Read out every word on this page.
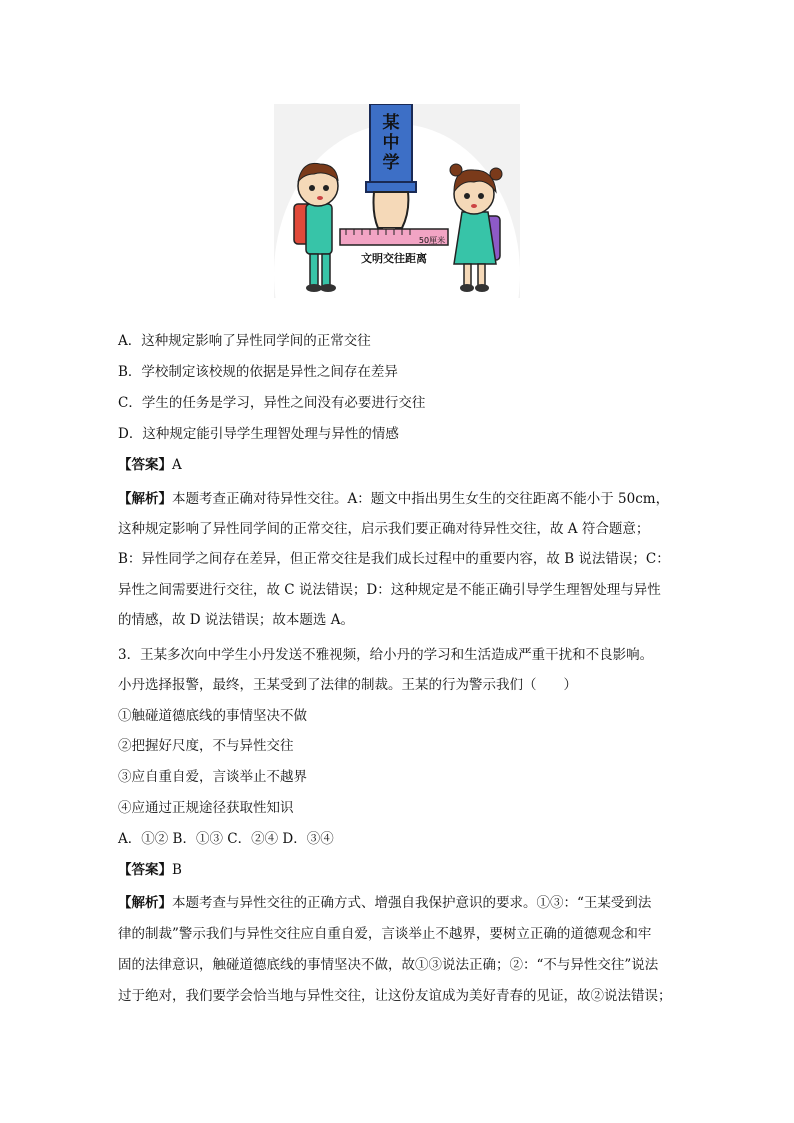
某
中
学
50厘米
文明交往距离
A．这种规定影响了异性同学间的正常交往
B．学校制定该校规的依据是异性之间存在差异
C．学生的任务是学习，异性之间没有必要进行交往
D．这种规定能引导学生理智处理与异性的情感
【答案】A
【解析】本题考查正确对待异性交往。A：题文中指出男生女生的交往距离不能小于 50cm，
这种规定影响了异性同学间的正常交往，启示我们要正确对待异性交往，故 A 符合题意；
B：异性同学之间存在差异，但正常交往是我们成长过程中的重要内容，故 B 说法错误；C：
异性之间需要进行交往，故 C 说法错误；D：这种规定是不能正确引导学生理智处理与异性
的情感，故 D 说法错误；故本题选 A。
3．王某多次向中学生小丹发送不雅视频，给小丹的学习和生活造成严重干扰和不良影响。
小丹选择报警，最终，王某受到了法律的制裁。王某的行为警示我们（　　）
①触碰道德底线的事情坚决不做
②把握好尺度，不与异性交往
③应自重自爱，言谈举止不越界
④应通过正规途径获取性知识
A．①② B．①③ C．②④ D．③④
【答案】B
【解析】本题考查与异性交往的正确方式、增强自我保护意识的要求。①③：“王某受到法
律的制裁”警示我们与异性交往应自重自爱，言谈举止不越界，要树立正确的道德观念和牢
固的法律意识，触碰道德底线的事情坚决不做，故①③说法正确；②：“不与异性交往”说法
过于绝对，我们要学会恰当地与异性交往，让这份友谊成为美好青春的见证，故②说法错误；
